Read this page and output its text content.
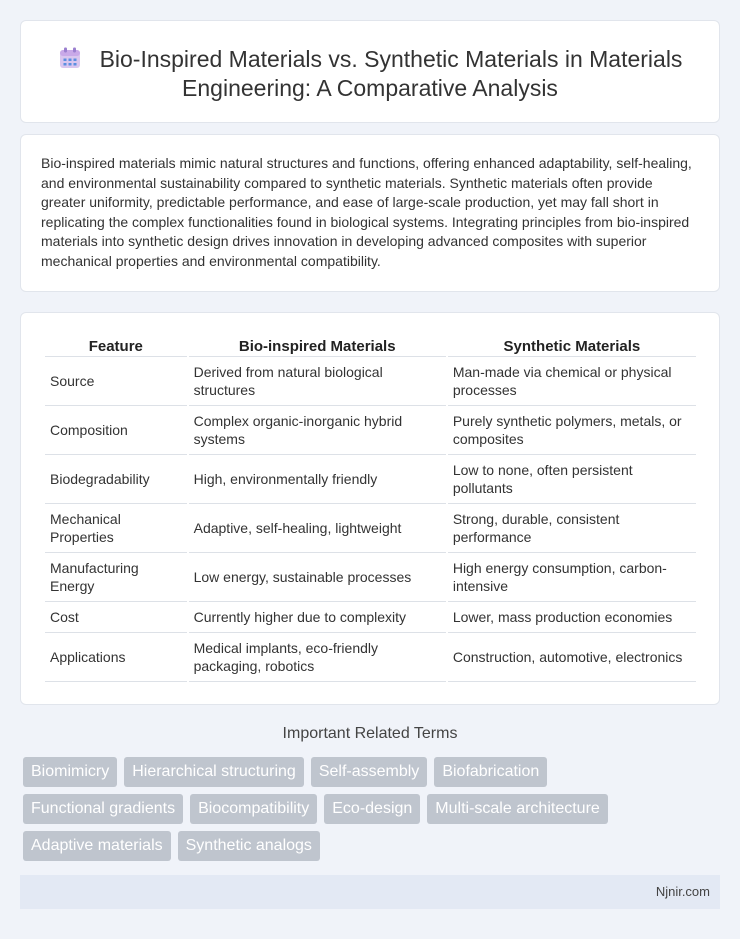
Bio-Inspired Materials vs. Synthetic Materials in Materials Engineering: A Comparative Analysis

Bio-inspired materials mimic natural structures and functions, offering enhanced adaptability, self-healing, and environmental sustainability compared to synthetic materials. Synthetic materials often provide greater uniformity, predictable performance, and ease of large-scale production, yet may fall short in replicating the complex functionalities found in biological systems. Integrating principles from bio-inspired materials into synthetic design drives innovation in developing advanced composites with superior mechanical properties and environmental compatibility.

Feature	Bio-inspired Materials	Synthetic Materials
Source	Derived from natural biological structures	Man-made via chemical or physical processes
Composition	Complex organic-inorganic hybrid systems	Purely synthetic polymers, metals, or composites
Biodegradability	High, environmentally friendly	Low to none, often persistent pollutants
Mechanical Properties	Adaptive, self-healing, lightweight	Strong, durable, consistent performance
Manufacturing Energy	Low energy, sustainable processes	High energy consumption, carbon-intensive
Cost	Currently higher due to complexity	Lower, mass production economies
Applications	Medical implants, eco-friendly packaging, robotics	Construction, automotive, electronics
Important Related Terms
Biomimicry	Hierarchical structuring	Self-assembly	Biofabrication
Functional gradients	Biocompatibility	Eco-design	Multi-scale architecture
Adaptive materials	Synthetic analogs
Njnir.com
